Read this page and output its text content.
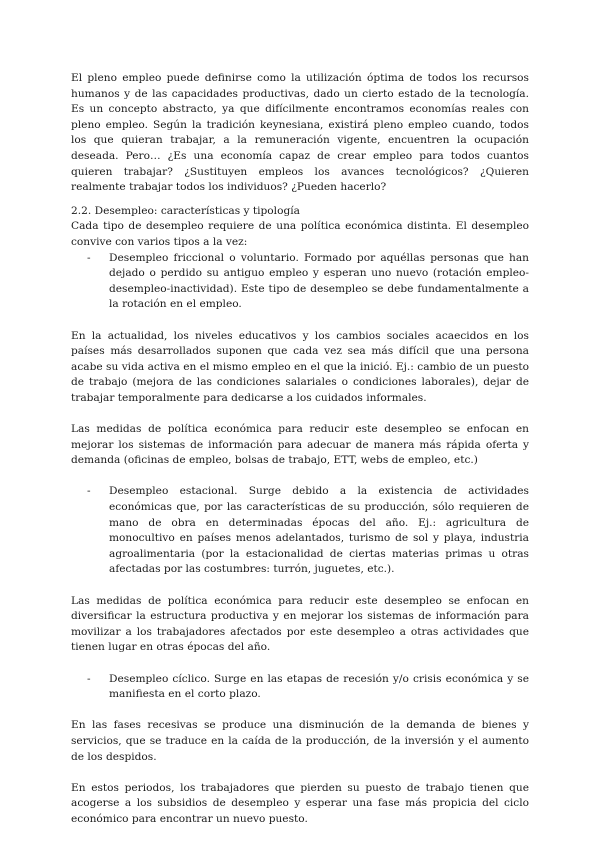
El pleno empleo puede definirse como la utilización óptima de todos los recursos humanos y de las capacidades productivas, dado un cierto estado de la tecnología. Es un concepto abstracto, ya que difícilmente encontramos economías reales con pleno empleo. Según la tradición keynesiana, existirá pleno empleo cuando, todos los que quieran trabajar, a la remuneración vigente, encuentren la ocupación deseada. Pero… ¿Es una economía capaz de crear empleo para todos cuantos quieren trabajar? ¿Sustituyen empleos los avances tecnológicos? ¿Quieren realmente trabajar todos los individuos? ¿Pueden hacerlo?

2.2. Desempleo: características y tipología

Cada tipo de desempleo requiere de una política económica distinta. El desempleo convive con varios tipos a la vez:

- Desempleo friccional o voluntario. Formado por aquéllas personas que han dejado o perdido su antiguo empleo y esperan uno nuevo (rotación empleo-desempleo-inactividad). Este tipo de desempleo se debe fundamentalmente a la rotación en el empleo.

En la actualidad, los niveles educativos y los cambios sociales acaecidos en los países más desarrollados suponen que cada vez sea más difícil que una persona acabe su vida activa en el mismo empleo en el que la inició. Ej.: cambio de un puesto de trabajo (mejora de las condiciones salariales o condiciones laborales), dejar de trabajar temporalmente para dedicarse a los cuidados informales.

Las medidas de política económica para reducir este desempleo se enfocan en mejorar los sistemas de información para adecuar de manera más rápida oferta y demanda (oficinas de empleo, bolsas de trabajo, ETT, webs de empleo, etc.)

- Desempleo estacional. Surge debido a la existencia de actividades económicas que, por las características de su producción, sólo requieren de mano de obra en determinadas épocas del año. Ej.: agricultura de monocultivo en países menos adelantados, turismo de sol y playa, industria agroalimentaria (por la estacionalidad de ciertas materias primas u otras afectadas por las costumbres: turrón, juguetes, etc.).

Las medidas de política económica para reducir este desempleo se enfocan en diversificar la estructura productiva y en mejorar los sistemas de información para movilizar a los trabajadores afectados por este desempleo a otras actividades que tienen lugar en otras épocas del año.

- Desempleo cíclico. Surge en las etapas de recesión y/o crisis económica y se manifiesta en el corto plazo.

En las fases recesivas se produce una disminución de la demanda de bienes y servicios, que se traduce en la caída de la producción, de la inversión y el aumento de los despidos.

En estos periodos, los trabajadores que pierden su puesto de trabajo tienen que acogerse a los subsidios de desempleo y esperar una fase más propicia del ciclo económico para encontrar un nuevo puesto.
